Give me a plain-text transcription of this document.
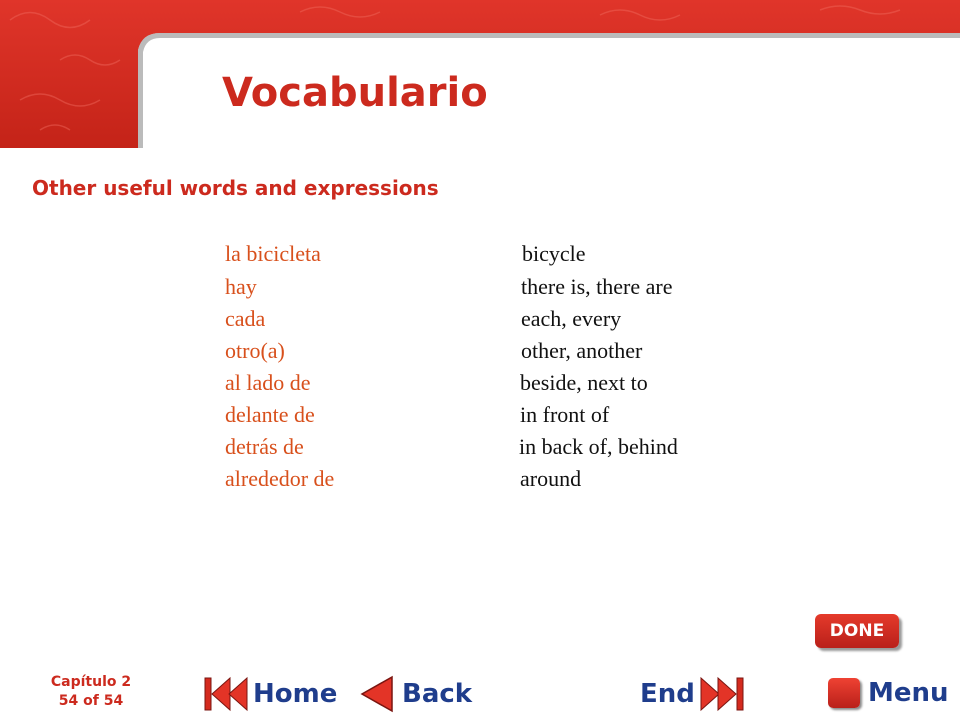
Vocabulario
Other useful words and expressions
la bicicleta	bicycle
hay	there is, there are
cada	each, every
otro(a)	other, another
al lado de	beside, next to
delante de	in front of
detrás de	in back of, behind
alrededor de	around
DONE
Capítulo 2
54 of 54	Home Back	End	Menu
